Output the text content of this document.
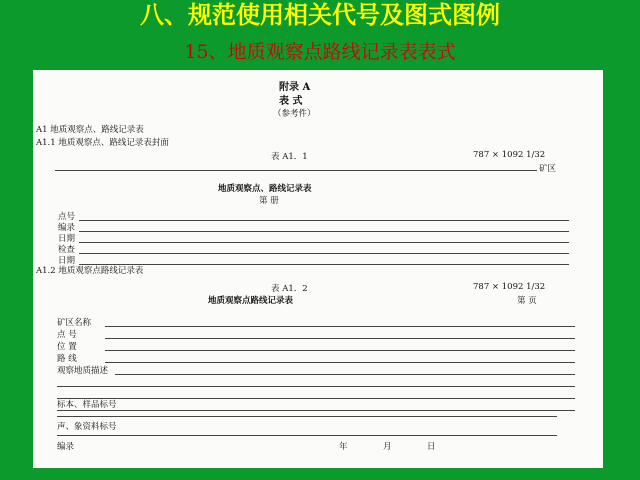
八、规范使用相关代号及图式图例
15、地质观察点路线记录表表式
附录 A
表 式
（参考件）
A1 地质观察点、路线记录表
A1.1 地质观察点、路线记录表封面
表 A1．1	787 × 1092 1/32
矿区
地质观察点、路线记录表
第 册
点号
编录
日期
检查
日期
A1.2 地质观察点路线记录表
表 A1．2	787 × 1092 1/32
地质观察点路线记录表	第 页
矿区名称
点 号
位 置
路 线
观察地质描述
标本、样品标号
声、象资料标号
编录	年	月	日
